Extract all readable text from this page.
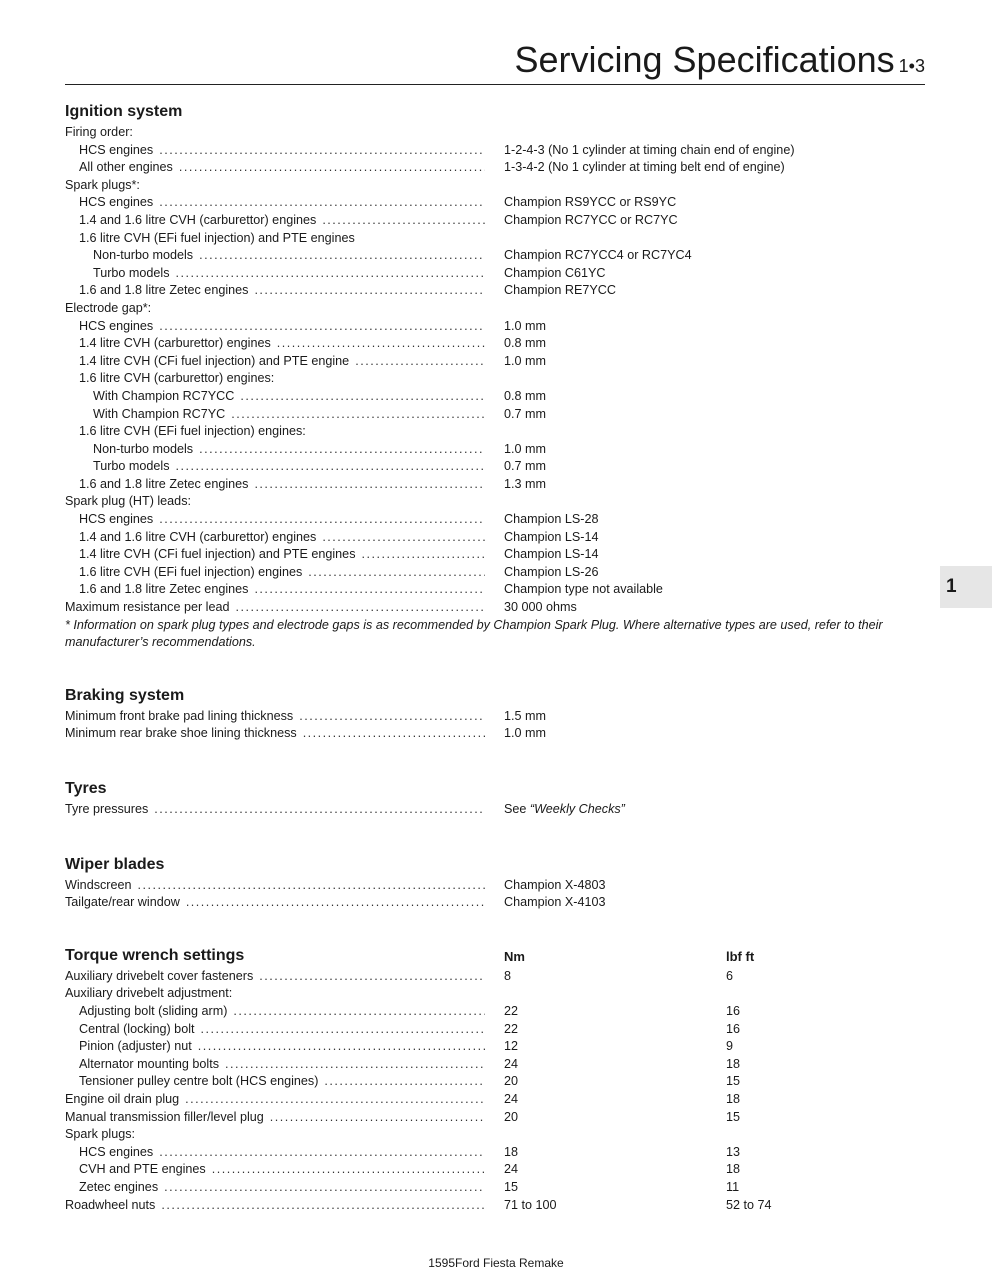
Servicing Specifications 1•3
1
Ignition system
Firing order:
HCS engines .....	1-2-4-3 (No 1 cylinder at timing chain end of engine)
All other engines .....	1-3-4-2 (No 1 cylinder at timing belt end of engine)
Spark plugs*:
HCS engines .....	Champion RS9YCC or RS9YC
1.4 and 1.6 litre CVH (carburettor) engines .....	Champion RC7YCC or RC7YC
1.6 litre CVH (EFi fuel injection) and PTE engines
Non-turbo models .....	Champion RC7YCC4 or RC7YC4
Turbo models .....	Champion C61YC
1.6 and 1.8 litre Zetec engines .....	Champion RE7YCC
Electrode gap*:
HCS engines .....	1.0 mm
1.4 litre CVH (carburettor) engines .....	0.8 mm
1.4 litre CVH (CFi fuel injection) and PTE engine .....	1.0 mm
1.6 litre CVH (carburettor) engines:
With Champion RC7YCC .....	0.8 mm
With Champion RC7YC .....	0.7 mm
1.6 litre CVH (EFi fuel injection) engines:
Non-turbo models .....	1.0 mm
Turbo models .....	0.7 mm
1.6 and 1.8 litre Zetec engines .....	1.3 mm
Spark plug (HT) leads:
HCS engines .....	Champion LS-28
1.4 and 1.6 litre CVH (carburettor) engines .....	Champion LS-14
1.4 litre CVH (CFi fuel injection) and PTE engines .....	Champion LS-14
1.6 litre CVH (EFi fuel injection) engines .....	Champion LS-26
1.6 and 1.8 litre Zetec engines .....	Champion type not available
Maximum resistance per lead .....	30 000 ohms
* Information on spark plug types and electrode gaps is as recommended by Champion Spark Plug. Where alternative types are used, refer to their manufacturer’s recommendations.
Braking system
Minimum front brake pad lining thickness .....	1.5 mm
Minimum rear brake shoe lining thickness .....	1.0 mm
Tyres
Tyre pressures .....	See “Weekly Checks”
Wiper blades
Windscreen .....	Champion X-4803
Tailgate/rear window .....	Champion X-4103
Torque wrench settings	Nm	lbf ft
Auxiliary drivebelt cover fasteners .....	8	6
Auxiliary drivebelt adjustment:
Adjusting bolt (sliding arm) .....	22	16
Central (locking) bolt .....	22	16
Pinion (adjuster) nut .....	12	9
Alternator mounting bolts .....	24	18
Tensioner pulley centre bolt (HCS engines) .....	20	15
Engine oil drain plug .....	24	18
Manual transmission filler/level plug .....	20	15
Spark plugs:
HCS engines .....	18	13
CVH and PTE engines .....	24	18
Zetec engines .....	15	11
Roadwheel nuts .....	71 to 100	52 to 74
1595Ford Fiesta Remake
